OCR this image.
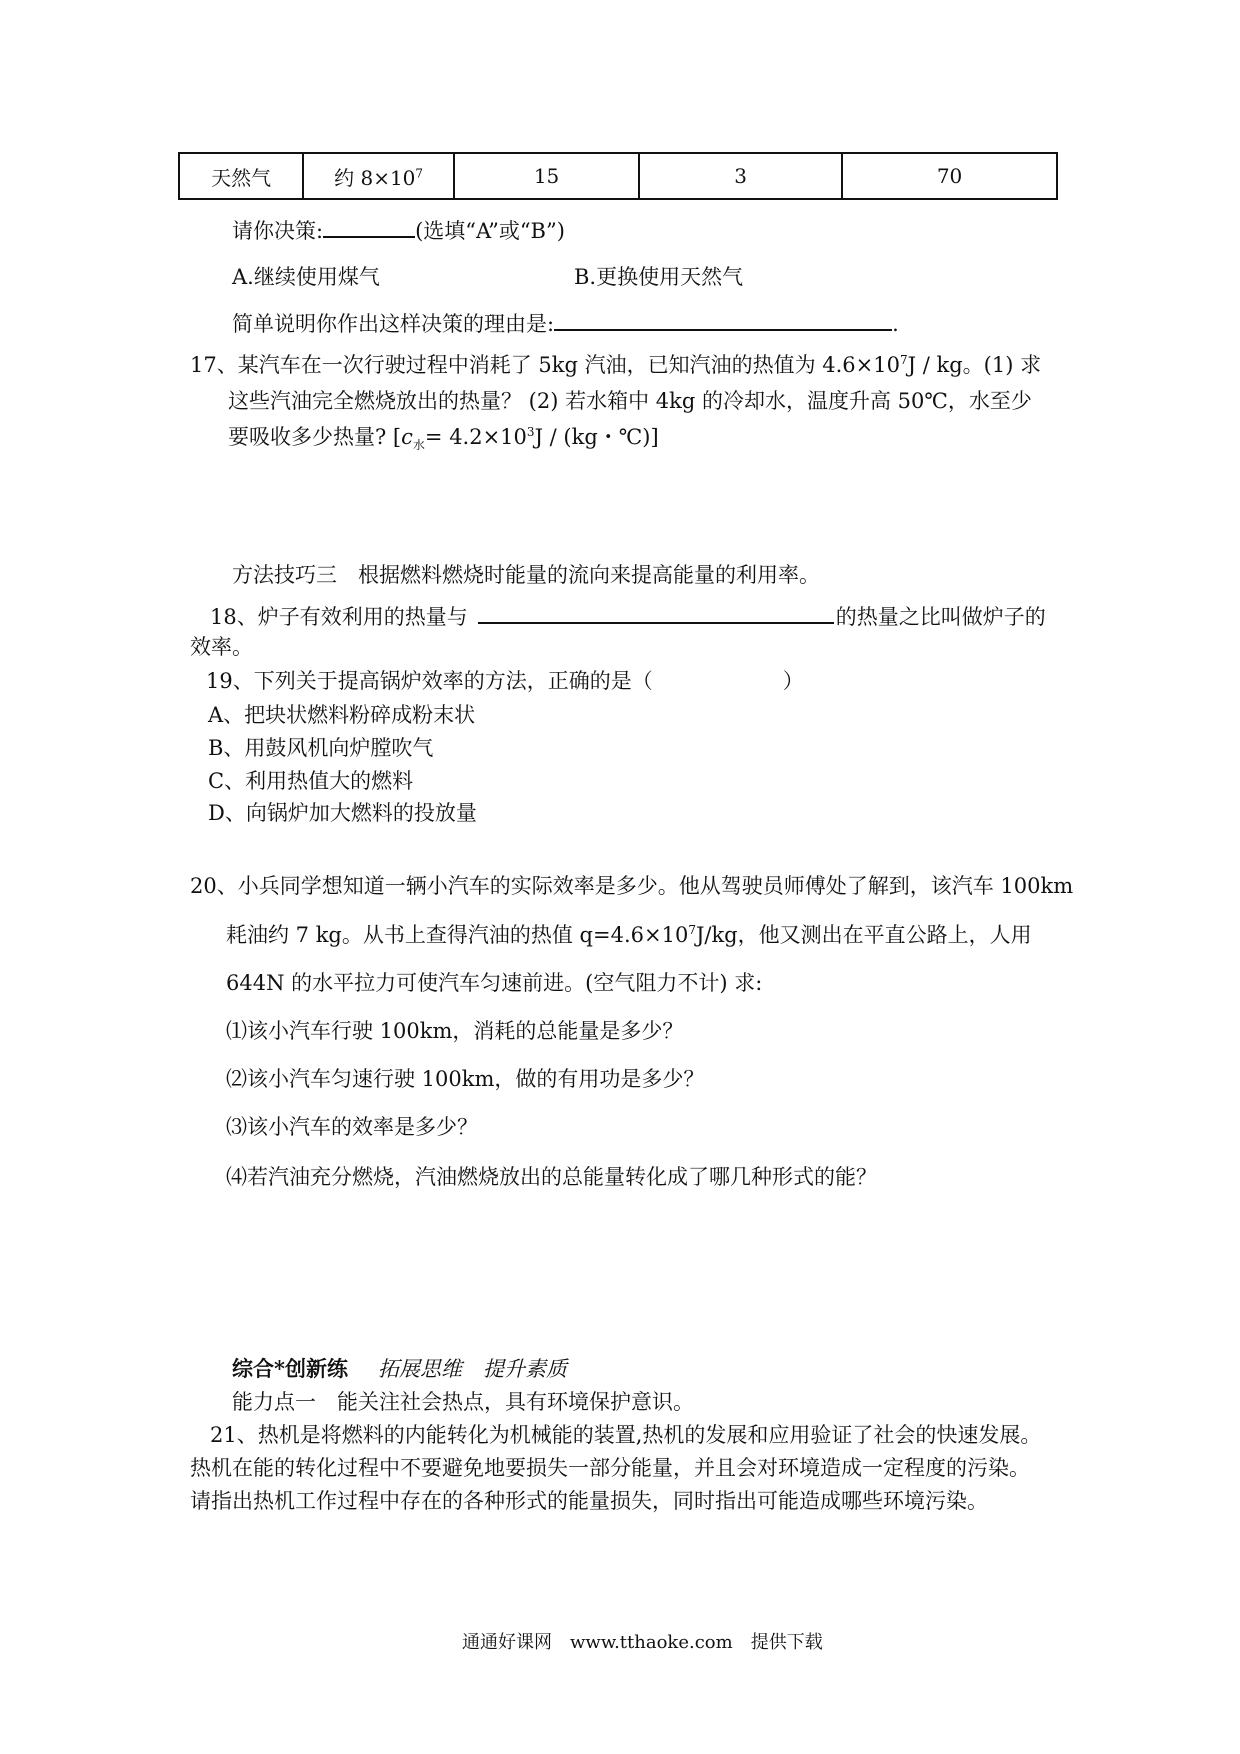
天然气	约 $8\times 10^7$	15	3	70
请你决策:	(选填“A”或“B”)
A.继续使用煤气	B.更换使用天然气
简单说明你作出这样决策的理由是:	.
17、某汽车在一次行驶过程中消耗了 5kg 汽油，已知汽油的热值为 $4.6\times 10^7J$ / kg。(1) 求
这些汽油完全燃烧放出的热量？ (2) 若水箱中 4kg 的冷却水，温度升高 50℃，水至少
要吸收多少热量? [$c_水= 4.2\times 10^3J / (kg$・℃)]
方法技巧三　根据燃料燃烧时能量的流向来提高能量的利用率。
18、炉子有效利用的热量与	的热量之比叫做炉子的
效率。
19、下列关于提高锅炉效率的方法，正确的是（	）
A、把块状燃料粉碎成粉末状
B、用鼓风机向炉膛吹气
C、利用热值大的燃料
D、向锅炉加大燃料的投放量
20、小兵同学想知道一辆小汽车的实际效率是多少。他从驾驶员师傅处了解到，该汽车 100km
耗油约 7 kg。从书上查得汽油的热值 $q=4.6\times 10^7J/kg$，他又测出在平直公路上，人用
644N 的水平拉力可使汽车匀速前进。(空气阻力不计) 求:
⑴该小汽车行驶 100km，消耗的总能量是多少？
⑵该小汽车匀速行驶 100km，做的有用功是多少？
⑶该小汽车的效率是多少？
⑷若汽油充分燃烧，汽油燃烧放出的总能量转化成了哪几种形式的能？
综合*创新练 拓展思维　提升素质
能力点一　能关注社会热点，具有环境保护意识。
21、热机是将燃料的内能转化为机械能的装置,热机的发展和应用验证了社会的快速发展。
热机在能的转化过程中不要避免地要损失一部分能量，并且会对环境造成一定程度的污染。
请指出热机工作过程中存在的各种形式的能量损失，同时指出可能造成哪些环境污染。
通通好课网　www.tthaoke.com　提供下载
